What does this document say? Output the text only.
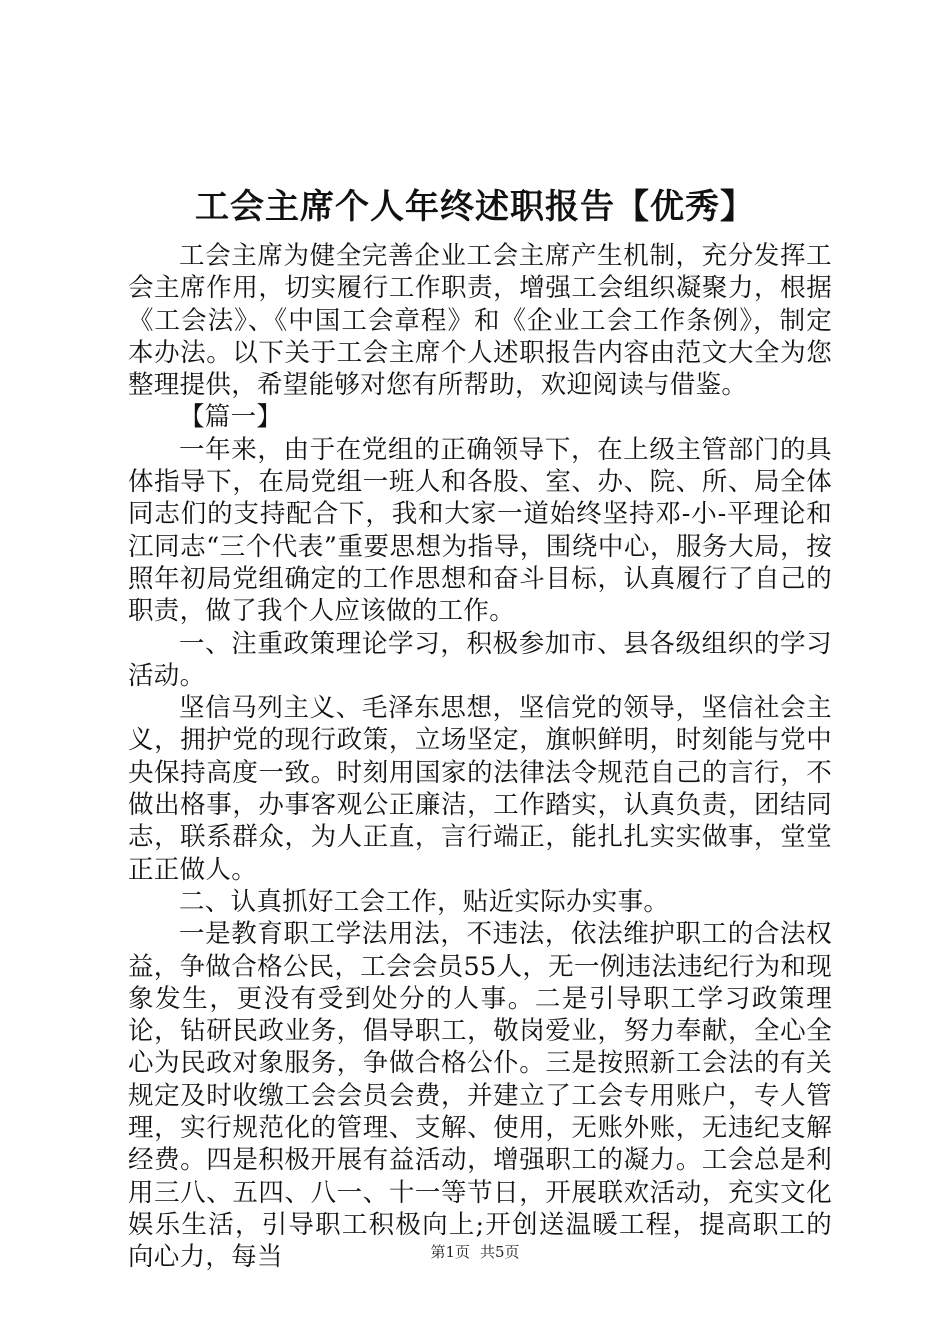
工会主席个人年终述职报告【优秀】

工会主席为健全完善企业工会主席产生机制，充分发挥工会主席作用，切实履行工作职责，增强工会组织凝聚力，根据《工会法》、《中国工会章程》和《企业工会工作条例》，制定本办法。以下关于工会主席个人述职报告内容由范文大全为您整理提供，希望能够对您有所帮助，欢迎阅读与借鉴。

【篇一】

一年来，由于在党组的正确领导下，在上级主管部门的具体指导下，在局党组一班人和各股、室、办、院、所、局全体同志们的支持配合下，我和大家一道始终坚持邓-小-平理论和江同志“三个代表”重要思想为指导，围绕中心，服务大局，按照年初局党组确定的工作思想和奋斗目标，认真履行了自己的职责，做了我个人应该做的工作。

一、注重政策理论学习，积极参加市、县各级组织的学习活动。

坚信马列主义、毛泽东思想，坚信党的领导，坚信社会主义，拥护党的现行政策，立场坚定，旗帜鲜明，时刻能与党中央保持高度一致。时刻用国家的法律法令规范自己的言行，不做出格事，办事客观公正廉洁，工作踏实，认真负责，团结同志，联系群众，为人正直，言行端正，能扎扎实实做事，堂堂正正做人。

二、认真抓好工会工作，贴近实际办实事。

一是教育职工学法用法，不违法，依法维护职工的合法权益，争做合格公民，工会会员55人，无一例违法违纪行为和现象发生，更没有受到处分的人事。二是引导职工学习政策理论，钻研民政业务，倡导职工，敬岗爱业，努力奉献，全心全心为民政对象服务，争做合格公仆。三是按照新工会法的有关规定及时收缴工会会员会费，并建立了工会专用账户，专人管理，实行规范化的管理、支解、使用，无账外账，无违纪支解经费。四是积极开展有益活动，增强职工的凝力。工会总是利用三八、五四、八一、十一等节日，开展联欢活动，充实文化娱乐生活，引导职工积极向上;开创送温暖工程，提高职工的向心力，每当	第1页 共5页
